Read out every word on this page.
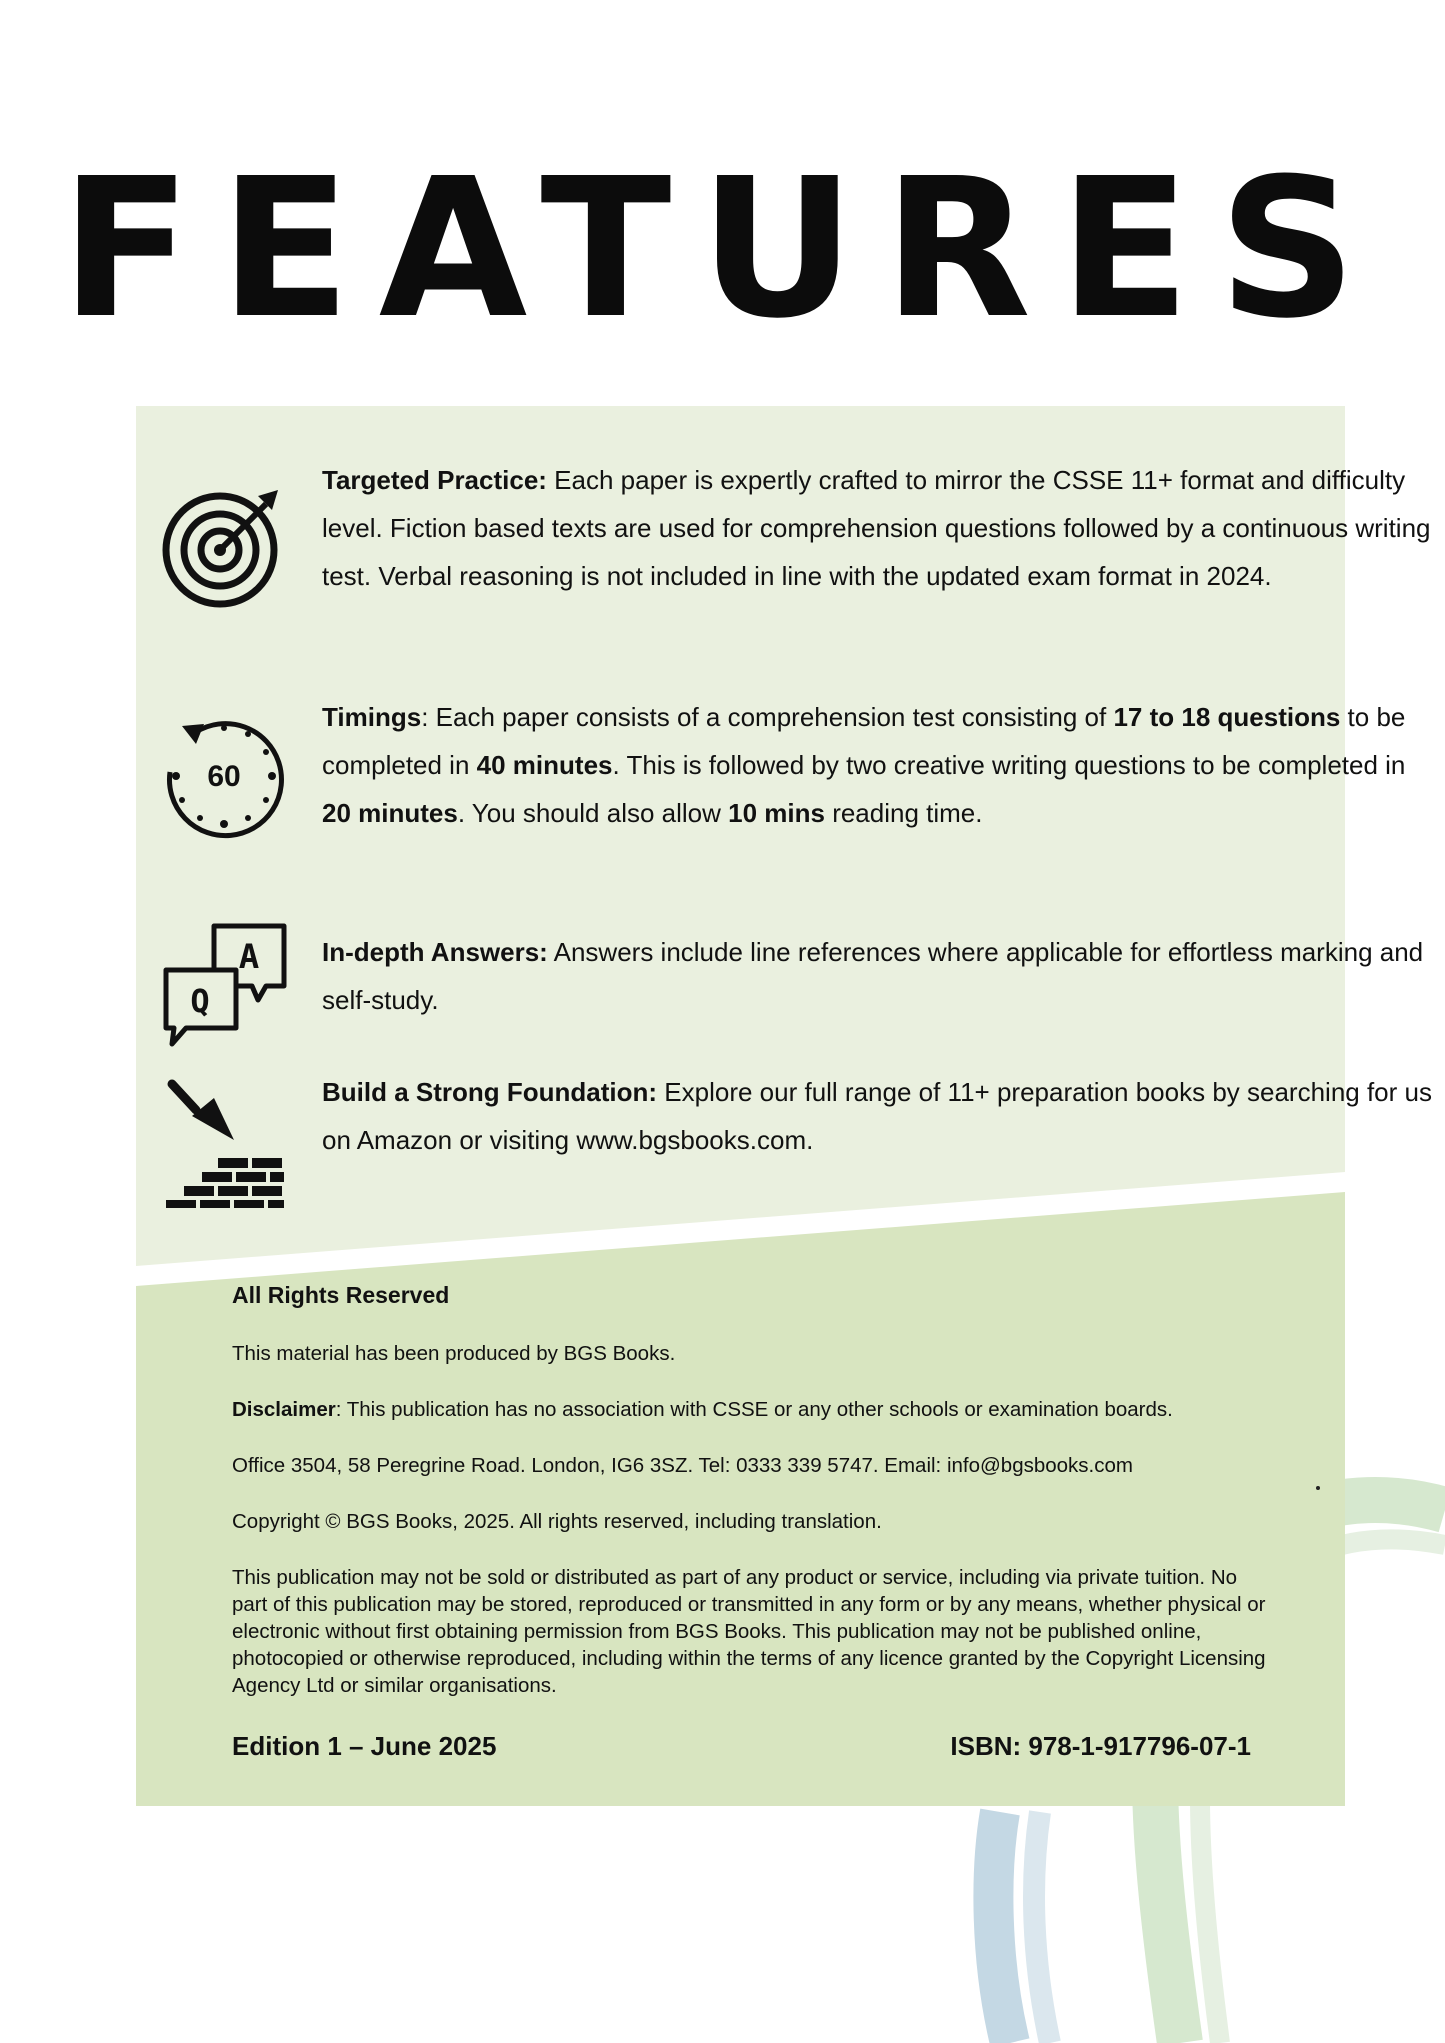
FEATURES
Targeted Practice: Each paper is expertly crafted to mirror the CSSE 11+ format and difficulty level. Fiction based texts are used for comprehension questions followed by a continuous writing test. Verbal reasoning is not included in line with the updated exam format in 2024.
60
Timings: Each paper consists of a comprehension test consisting of 17 to 18 questions to be completed in 40 minutes. This is followed by two creative writing questions to be completed in 20 minutes. You should also allow 10 mins reading time.
A
Q
In-depth Answers: Answers include line references where applicable for effortless marking and self-study.
Build a Strong Foundation: Explore our full range of 11+ preparation books by searching for us on Amazon or visiting www.bgsbooks.com.
All Rights Reserved
This material has been produced by BGS Books.
Disclaimer: This publication has no association with CSSE or any other schools or examination boards.
Office 3504, 58 Peregrine Road. London, IG6 3SZ. Tel: 0333 339 5747. Email: info@bgsbooks.com
Copyright © BGS Books, 2025. All rights reserved, including translation.
This publication may not be sold or distributed as part of any product or service, including via private tuition. No part of this publication may be stored, reproduced or transmitted in any form or by any means, whether physical or electronic without first obtaining permission from BGS Books. This publication may not be published online, photocopied or otherwise reproduced, including within the terms of any licence granted by the Copyright Licensing Agency Ltd or similar organisations.
Edition 1 – June 2025	ISBN: 978-1-917796-07-1
